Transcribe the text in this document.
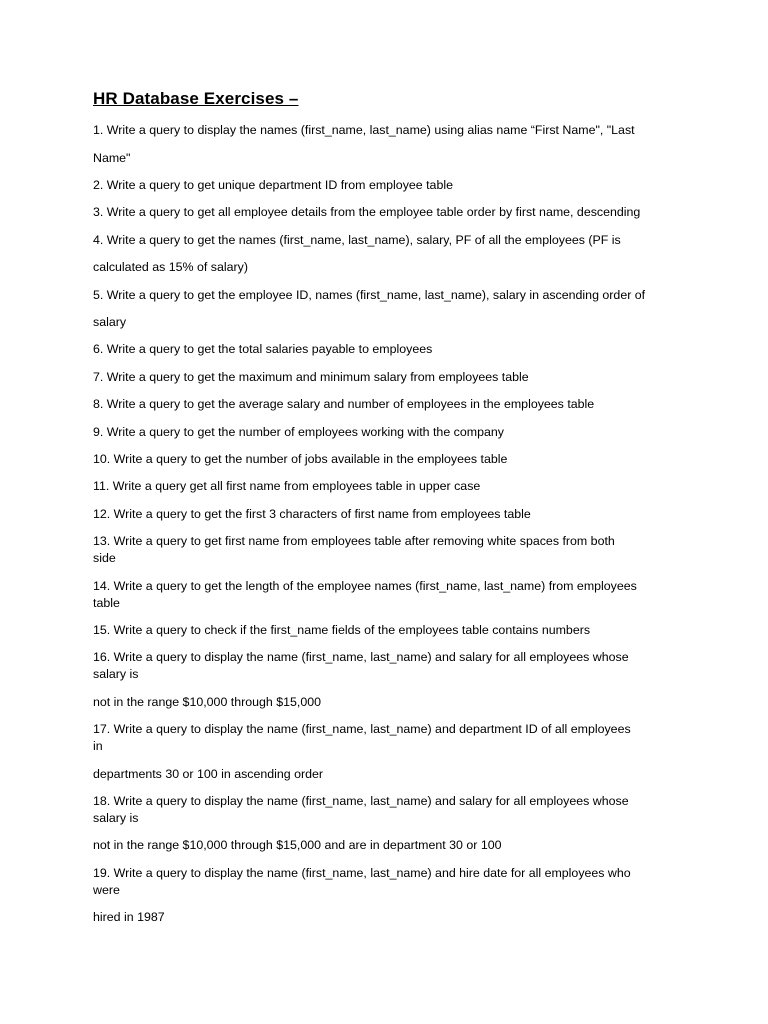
HR Database Exercises –
1. Write a query to display the names (first_name, last_name) using alias name “First Name", "Last
Name"
2. Write a query to get unique department ID from employee table
3. Write a query to get all employee details from the employee table order by first name, descending
4. Write a query to get the names (first_name, last_name), salary, PF of all the employees (PF is
calculated as 15% of salary)
5. Write a query to get the employee ID, names (first_name, last_name), salary in ascending order of
salary
6. Write a query to get the total salaries payable to employees
7. Write a query to get the maximum and minimum salary from employees table
8. Write a query to get the average salary and number of employees in the employees table
9. Write a query to get the number of employees working with the company
10. Write a query to get the number of jobs available in the employees table
11. Write a query get all first name from employees table in upper case
12. Write a query to get the first 3 characters of first name from employees table
13. Write a query to get first name from employees table after removing white spaces from both
side
14. Write a query to get the length of the employee names (first_name, last_name) from employees
table
15. Write a query to check if the first_name fields of the employees table contains numbers
16. Write a query to display the name (first_name, last_name) and salary for all employees whose
salary is
not in the range $10,000 through $15,000
17. Write a query to display the name (first_name, last_name) and department ID of all employees
in
departments 30 or 100 in ascending order
18. Write a query to display the name (first_name, last_name) and salary for all employees whose
salary is
not in the range $10,000 through $15,000 and are in department 30 or 100
19. Write a query to display the name (first_name, last_name) and hire date for all employees who
were
hired in 1987
